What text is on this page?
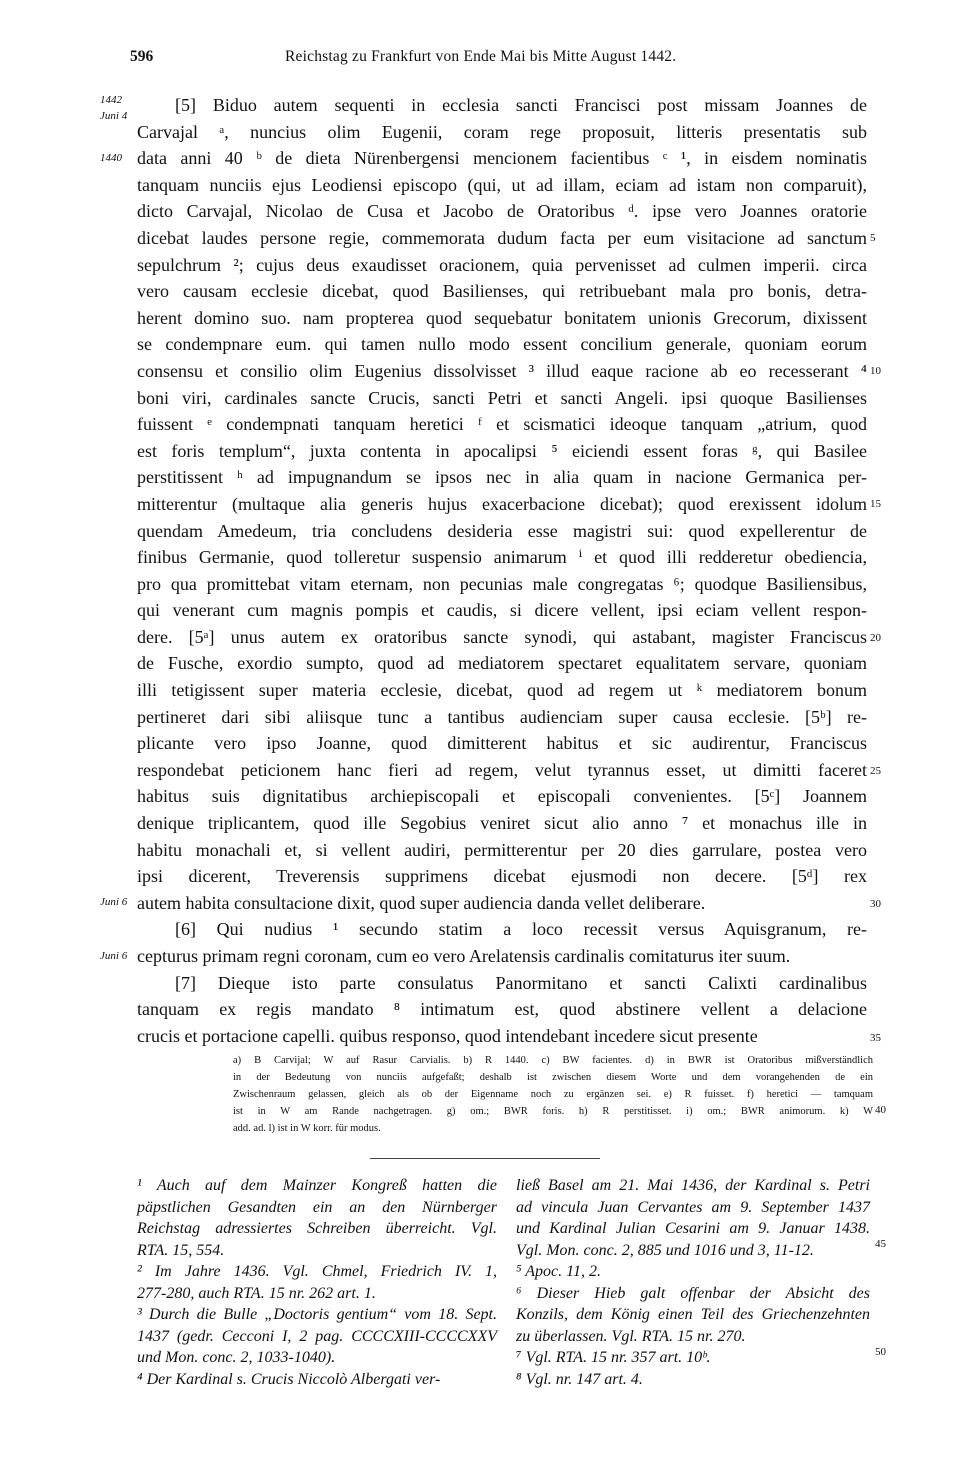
596	Reichstag zu Frankfurt von Ende Mai bis Mitte August 1442.
1442
Juni 4
1440
Juni 6
Juni 6
5
10
15
20
25
30
35
[5] Biduo autem sequenti in ecclesia sancti Francisci post missam Joannes de
Carvajal ᵃ, nuncius olim Eugenii, coram rege proposuit, litteris presentatis sub
data anni 40 ᵇ de dieta Nürenbergensi mencionem facientibus ᶜ ¹, in eisdem nominatis
tanquam nunciis ejus Leodiensi episcopo (qui, ut ad illam, eciam ad istam non comparuit),
dicto Carvajal, Nicolao de Cusa et Jacobo de Oratoribus ᵈ. ipse vero Joannes oratorie
dicebat laudes persone regie, commemorata dudum facta per eum visitacione ad sanctum
sepulchrum ²; cujus deus exaudisset oracionem, quia pervenisset ad culmen imperii. circa
vero causam ecclesie dicebat, quod Basilienses, qui retribuebant mala pro bonis, detra-
herent domino suo. nam propterea quod sequebatur bonitatem unionis Grecorum, dixissent
se condempnare eum. qui tamen nullo modo essent concilium generale, quoniam eorum
consensu et consilio olim Eugenius dissolvisset ³ illud eaque racione ab eo recesserant ⁴
boni viri, cardinales sancte Crucis, sancti Petri et sancti Angeli. ipsi quoque Basilienses
fuissent ᵉ condempnati tanquam heretici ᶠ et scismatici ideoque tanquam „atrium, quod
est foris templum“, juxta contenta in apocalipsi ⁵ eiciendi essent foras ᵍ, qui Basilee
perstitissent ʰ ad impugnandum se ipsos nec in alia quam in nacione Germanica per-
mitterentur (multaque alia generis hujus exacerbacione dicebat); quod erexissent idolum
quendam Amedeum, tria concludens desideria esse magistri sui: quod expellerentur de
finibus Germanie, quod tolleretur suspensio animarum ⁱ et quod illi redderetur obediencia,
pro qua promittebat vitam eternam, non pecunias male congregatas ⁶; quodque Basiliensibus,
qui venerant cum magnis pompis et caudis, si dicere vellent, ipsi eciam vellent respon-
dere. [5ᵃ] unus autem ex oratoribus sancte synodi, qui astabant, magister Franciscus
de Fusche, exordio sumpto, quod ad mediatorem spectaret equalitatem servare, quoniam
illi tetigissent super materia ecclesie, dicebat, quod ad regem ut ᵏ mediatorem bonum
pertineret dari sibi aliisque tunc a tantibus audienciam super causa ecclesie. [5ᵇ] re-
plicante vero ipso Joanne, quod dimitterent habitus et sic audirentur, Franciscus
respondebat peticionem hanc fieri ad regem, velut tyrannus esset, ut dimitti faceret
habitus suis dignitatibus archiepiscopali et episcopali convenientes. [5ᶜ] Joannem
denique triplicantem, quod ille Segobius veniret sicut alio anno ⁷ et monachus ille in
habitu monachali et, si vellent audiri, permitterentur per 20 dies garrulare, postea vero
ipsi dicerent, Treverensis supprimens dicebat ejusmodi non decere. [5ᵈ] rex
autem habita consultacione dixit, quod super audiencia danda vellet deliberare.
[6] Qui nudius ¹ secundo statim a loco recessit versus Aquisgranum, re-
cepturus primam regni coronam, cum eo vero Arelatensis cardinalis comitaturus iter suum.
[7] Dieque isto parte consulatus Panormitano et sancti Calixti cardinalibus
tanquam ex regis mandato ⁸ intimatum est, quod abstinere vellent a delacione
crucis et portacione capelli. quibus responso, quod intendebant incedere sicut presente
a) B Carvijal; W auf Rasur Carvialis. b) R 1440. c) BW facientes. d) in BWR ist Oratoribus mißverständlich
in der Bedeutung von nunciis aufgefaßt; deshalb ist zwischen diesem Worte und dem vorangehenden de ein
Zwischenraum gelassen, gleich als ob der Eigenname noch zu ergänzen sei. e) R fuisset. f) heretici — tamquam
ist in W am Rande nachgetragen. g) om.; BWR foris. h) R perstitisset. i) om.; BWR animorum. k) W
add. ad. l) ist in W korr. für modus.
40
¹ Auch auf dem Mainzer Kongreß hatten die
päpstlichen Gesandten ein an den Nürnberger
Reichstag adressiertes Schreiben überreicht. Vgl.
RTA. 15, 554.
² Im Jahre 1436. Vgl. Chmel, Friedrich IV. 1,
277-280, auch RTA. 15 nr. 262 art. 1.
³ Durch die Bulle „Doctoris gentium“ vom 18. Sept.
1437 (gedr. Cecconi I, 2 pag. CCCCXIII-CCCCXXV
und Mon. conc. 2, 1033-1040).
⁴ Der Kardinal s. Crucis Niccolò Albergati ver-
ließ Basel am 21. Mai 1436, der Kardinal s. Petri
ad vincula Juan Cervantes am 9. September 1437
und Kardinal Julian Cesarini am 9. Januar 1438.
Vgl. Mon. conc. 2, 885 und 1016 und 3, 11-12.
⁵ Apoc. 11, 2.
⁶ Dieser Hieb galt offenbar der Absicht des
Konzils, dem König einen Teil des Griechenzehnten
zu überlassen. Vgl. RTA. 15 nr. 270.
⁷ Vgl. RTA. 15 nr. 357 art. 10ᵇ.
⁸ Vgl. nr. 147 art. 4.
45
50
